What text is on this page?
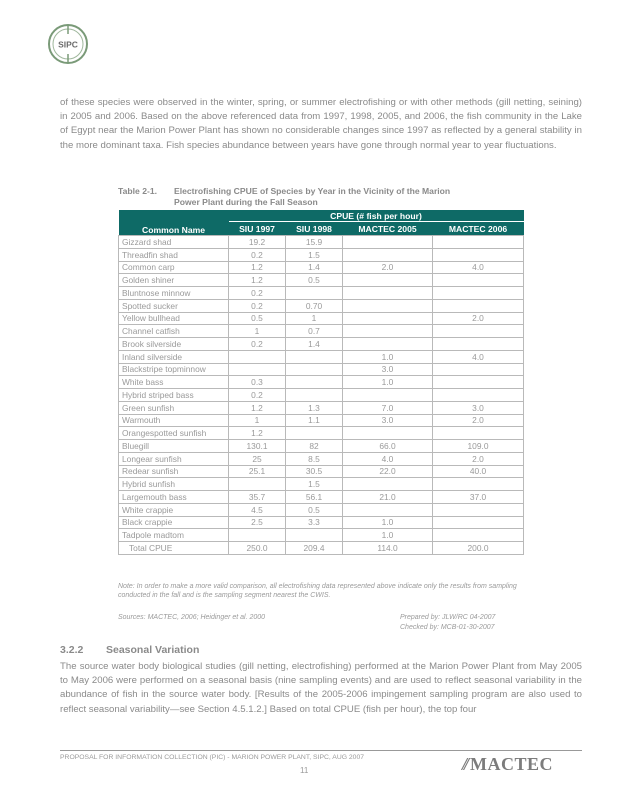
SIPC

of these species were observed in the winter, spring, or summer electrofishing or with other methods (gill netting, seining) in 2005 and 2006. Based on the above referenced data from 1997, 1998, 2005, and 2006, the fish community in the Lake of Egypt near the Marion Power Plant has shown no considerable changes since 1997 as reflected by a general stability in the more dominant taxa. Fish species abundance between years have gone through normal year to year fluctuations.

Table 2-1. Electrofishing CPUE of Species by Year in the Vicinity of the Marion
Power Plant during the Fall Season
Common Name	CPUE (# fish per hour)			
	SIU 1997	SIU 1998	MACTEC 2005	MACTEC 2006
Gizzard shad	19.2	15.9		
Threadfin shad	0.2	1.5		
Common carp	1.2	1.4	2.0	4.0
Golden shiner	1.2	0.5		
Bluntnose minnow	0.2			
Spotted sucker	0.2	0.70		
Yellow bullhead	0.5	1		2.0
Channel catfish	1	0.7		
Brook silverside	0.2	1.4		
Inland silverside			1.0	4.0
Blackstripe topminnow			3.0	
White bass	0.3		1.0	
Hybrid striped bass	0.2			
Green sunfish	1.2	1.3	7.0	3.0
Warmouth	1	1.1	3.0	2.0
Orangespotted sunfish	1.2			
Bluegill	130.1	82	66.0	109.0
Longear sunfish	25	8.5	4.0	2.0
Redear sunfish	25.1	30.5	22.0	40.0
Hybrid sunfish		1.5		
Largemouth bass	35.7	56.1	21.0	37.0
White crappie	4.5	0.5		
Black crappie	2.5	3.3	1.0	
Tadpole madtom			1.0	
Total CPUE	250.0	209.4	114.0	200.0
Note: In order to make a more valid comparison, all electrofishing data represented above indicate only the results from sampling conducted in the fall and is the sampling segment nearest the CWIS.
Sources: MACTEC, 2006; Heidinger et al. 2000	Prepared by: JLW/RC 04-2007
Checked by: MCB-01-30-2007
3.2.2 Seasonal Variation

The source water body biological studies (gill netting, electrofishing) performed at the Marion Power Plant from May 2005 to May 2006 were performed on a seasonal basis (nine sampling events) and are used to reflect seasonal variability in the abundance of fish in the source water body. [Results of the 2005-2006 impingement sampling program are also used to reflect seasonal variability—see Section 4.5.1.2.] Based on total CPUE (fish per hour), the top four

PROPOSAL FOR INFORMATION COLLECTION (PIC) - MARION POWER PLANT, SIPC, AUG 2007
11	// MACTEC
